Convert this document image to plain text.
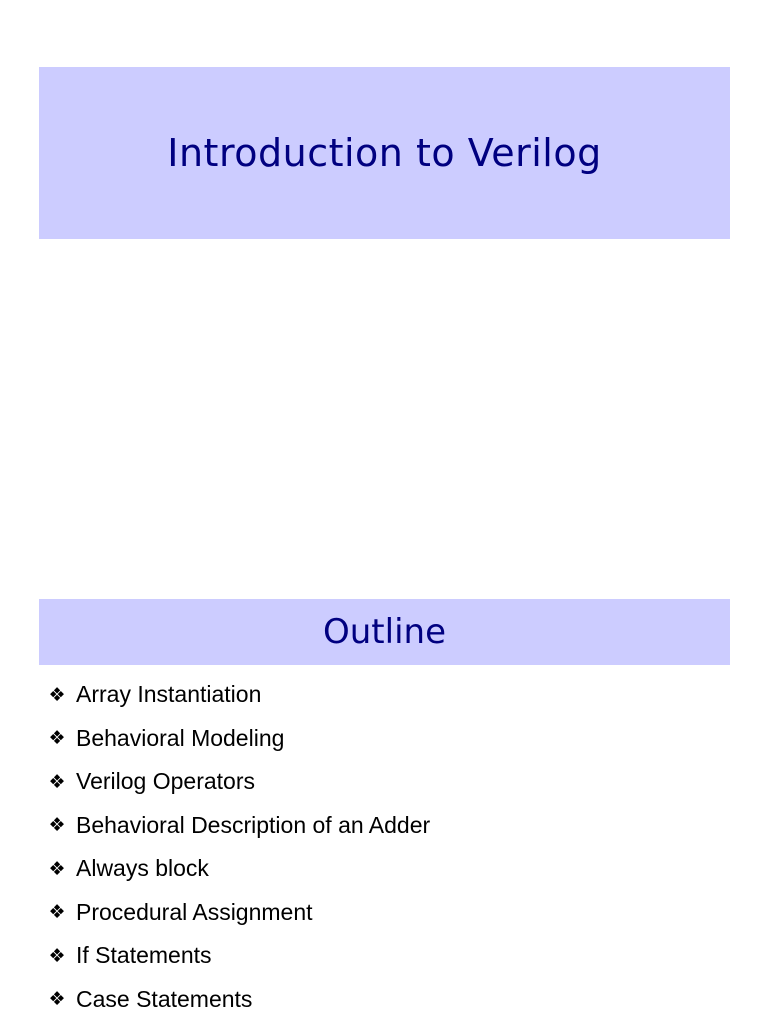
Introduction to Verilog
Outline
❖ Array Instantiation
❖ Behavioral Modeling
❖ Verilog Operators
❖ Behavioral Description of an Adder
❖ Always block
❖ Procedural Assignment
❖ If Statements
❖ Case Statements
